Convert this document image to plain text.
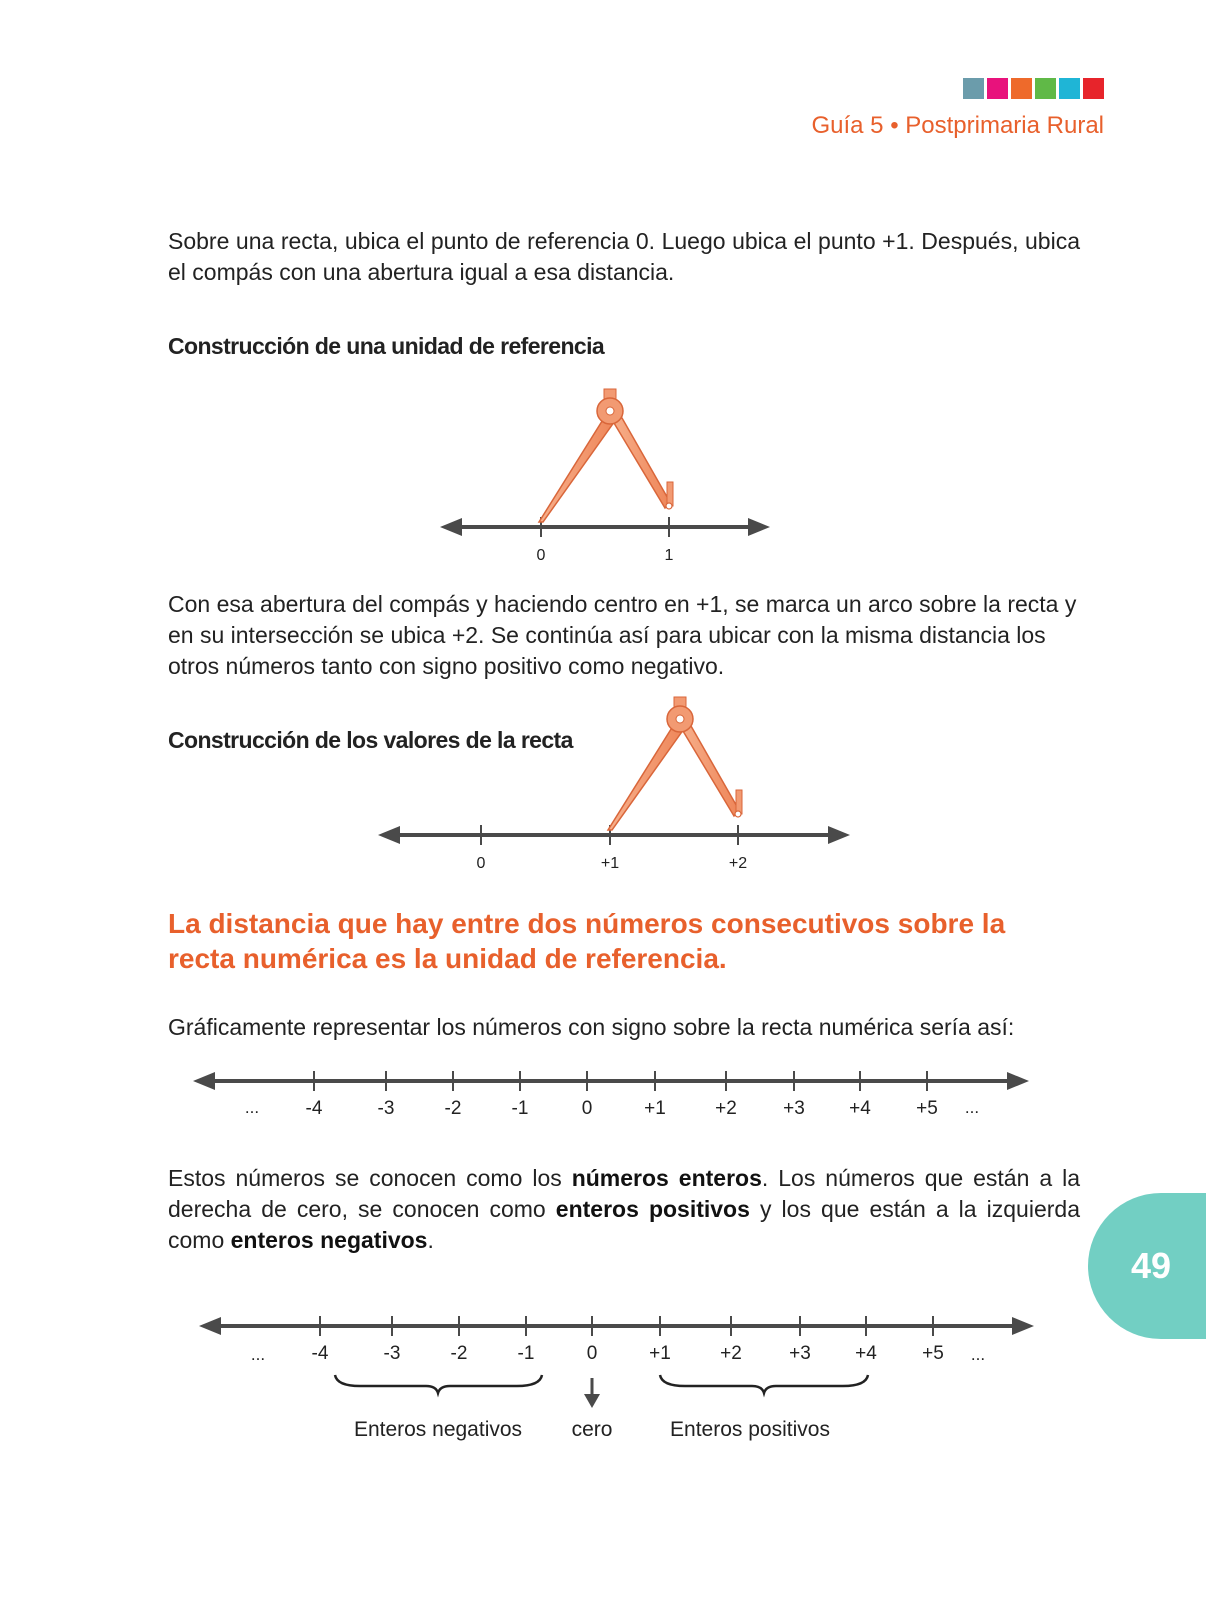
Guía 5 • Postprimaria Rural

Sobre una recta, ubica el punto de referencia 0. Luego ubica el punto +1. Después, ubica el compás con una abertura igual a esa distancia.

Construcción de una unidad de referencia
0	1

Con esa abertura del compás y haciendo centro en +1, se marca un arco sobre la recta y en su intersección se ubica +2. Se continúa así para ubicar con la misma distancia los otros números tanto con signo positivo como negativo.

Construcción de los valores de la recta
0	+1	+2

La distancia que hay entre dos números consecutivos sobre la recta numérica es la unidad de referencia.

Gráficamente representar los números con signo sobre la recta numérica sería así:

-4	-3	-2	-1	0	+1	+2 +3 +4 +5
...	...

Estos números se conocen como los números enteros. Los números que están a la derecha de cero, se conocen como enteros positivos y los que están a la izquierda como enteros negativos.

49
-4	-3	-2	-1	0	+1	+2 +3 +4 +5
...	...
Enteros negativos cero	Enteros positivos
